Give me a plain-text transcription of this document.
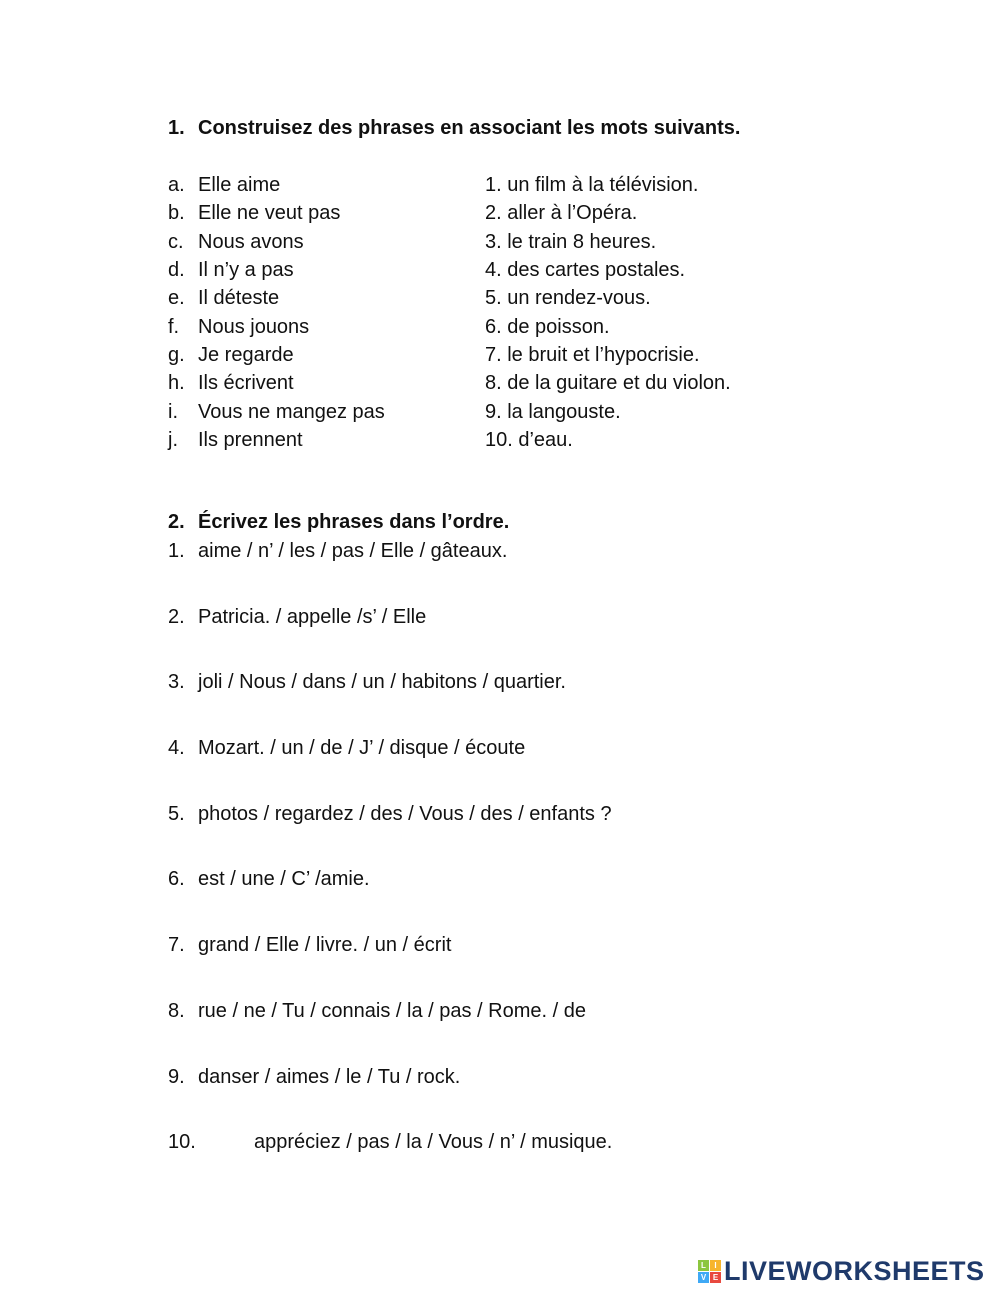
1. Construisez des phrases en associant les mots suivants.
a. Elle aime	1. un film à la télévision.
b. Elle ne veut pas	2. aller à l’Opéra.
c. Nous avons	3. le train 8 heures.
d. Il n’y a pas	4. des cartes postales.
e. Il déteste	5. un rendez-vous.
f. Nous jouons	6. de poisson.
g. Je regarde	7. le bruit et l’hypocrisie.
h. Ils écrivent	8. de la guitare et du violon.
i.	Vous ne mangez pas	9. la langouste.
j.	Ils prennent	10. d’eau.
2. Écrivez les phrases dans l’ordre.
1. aime / n’ / les / pas / Elle / gâteaux.
2. Patricia. / appelle /s’ / Elle
3. joli / Nous / dans / un / habitons / quartier.
4. Mozart. / un / de / J’ / disque / écoute
5. photos / regardez / des / Vous / des / enfants ?
6. est / une / C’ /amie.
7. grand / Elle / livre. / un / écrit
8. rue / ne / Tu / connais / la / pas / Rome. / de
9. danser / aimes / le / Tu / rock.
10.	appréciez / pas / la / Vous / n’ / musique.
L	I
V E LIVEWORKSHEETS
